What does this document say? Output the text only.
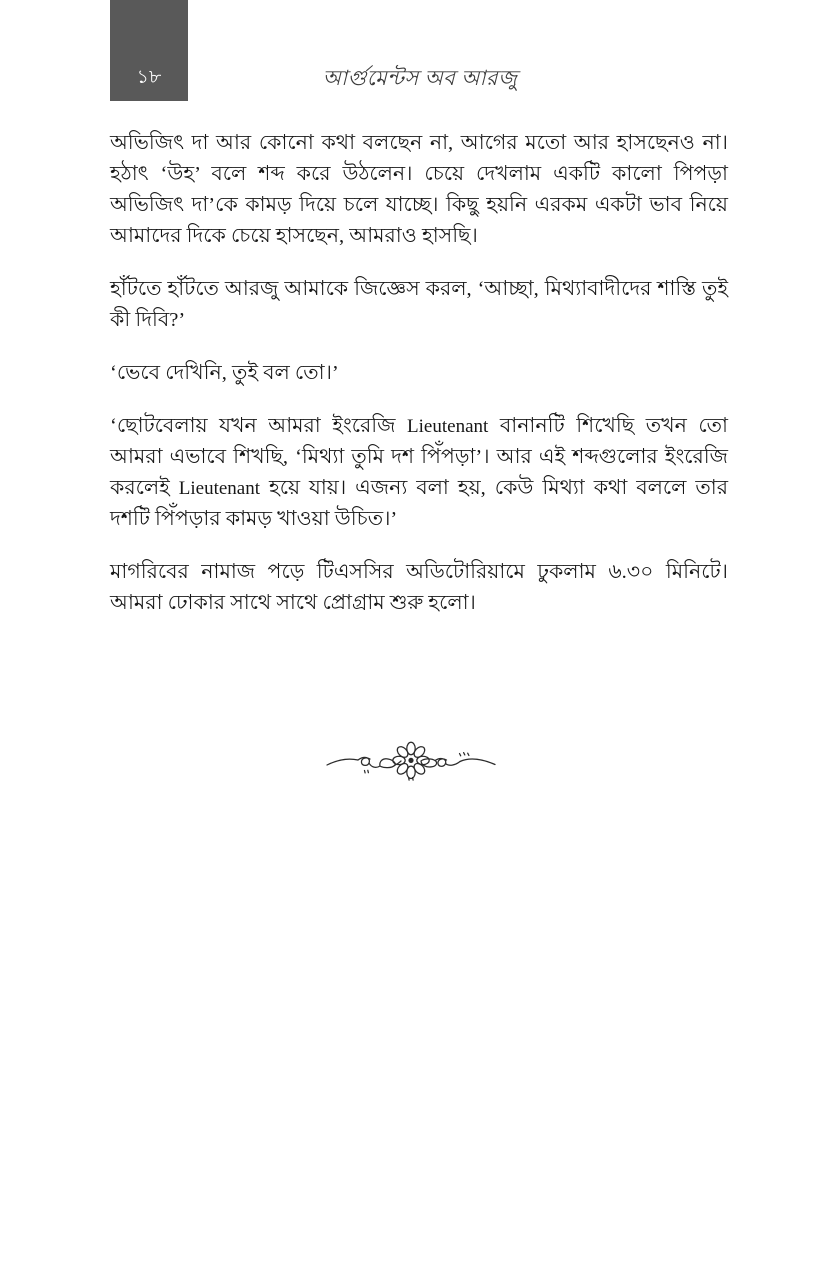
১৮	আর্গুমেন্টস অব আরজু

অভিজিৎ দা আর কোনো কথা বলছেন না, আগের মতো আর হাসছেনও না। হঠাৎ ‘উহ’ বলে শব্দ করে উঠলেন। চেয়ে দেখলাম একটি কালো পিপড়া অভিজিৎ দা’কে কামড় দিয়ে চলে যাচ্ছে। কিছু হয়নি এরকম একটা ভাব নিয়ে আমাদের দিকে চেয়ে হাসছেন, আমরাও হাসছি।

হাঁটতে হাঁটতে আরজু আমাকে জিজ্ঞেস করল, ‘আচ্ছা, মিথ্যাবাদীদের শাস্তি তুই কী দিবি?’

‘ভেবে দেখিনি, তুই বল তো।’

‘ছোটবেলায় যখন আমরা ইংরেজি Lieutenant বানানটি শিখেছি তখন তো আমরা এভাবে শিখছি, ‘মিথ্যা তুমি দশ পিঁপড়া’। আর এই শব্দগুলোর ইংরেজি করলেই Lieutenant হয়ে যায়। এজন্য বলা হয়, কেউ মিথ্যা কথা বললে তার দশটি পিঁপড়ার কামড় খাওয়া উচিত।’

মাগরিবের নামাজ পড়ে টিএসসির অডিটোরিয়ামে ঢুকলাম ৬.৩০ মিনিটে। আমরা ঢোকার সাথে সাথে প্রোগ্রাম শুরু হলো।
